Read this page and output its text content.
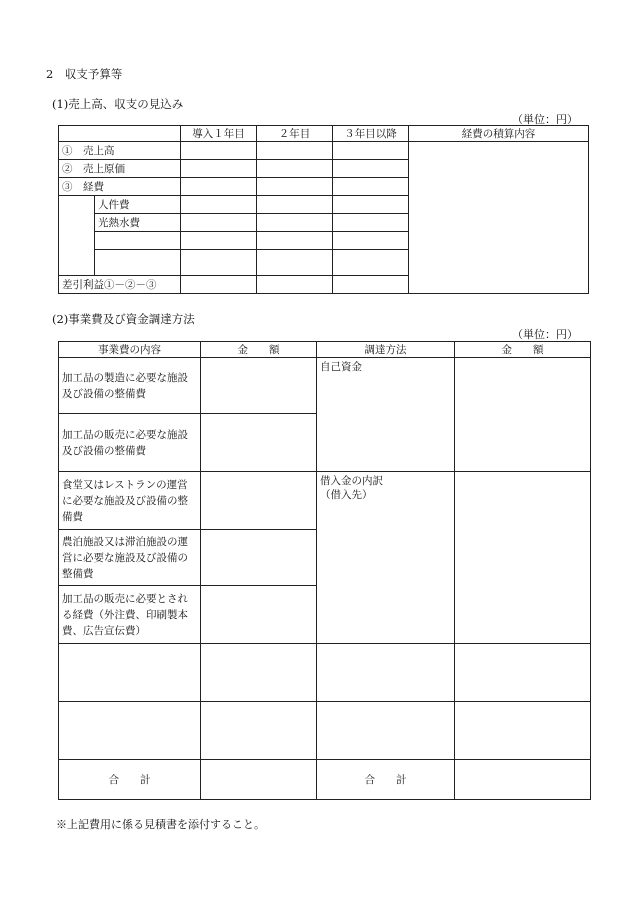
2　収支予算等
(1)売上高、収支の見込み
（単位：円）
		導入１年目	２年目	３年目以降	経費の積算内容
①　売上高					
②　売上原価					
③　経費					
	人件費				
	光熱水費				

差引利益①－②－③					
(2)事業費及び資金調達方法
（単位：円）
事業費の内容	金　　額	調達方法	金　　額
加工品の製造に必要な施設及び設備の整備費		自己資金	
加工品の販売に必要な施設及び設備の整備費			
食堂又はレストランの運営に必要な施設及び設備の整備費		借入金の内訳
（借入先）	

農泊施設又は滞泊施設の運営に必要な施設及び設備の整備費			
加工品の販売に必要とされる経費（外注費、印刷製本費、広告宣伝費）			

合　　計		合　　計	
※上記費用に係る見積書を添付すること。
